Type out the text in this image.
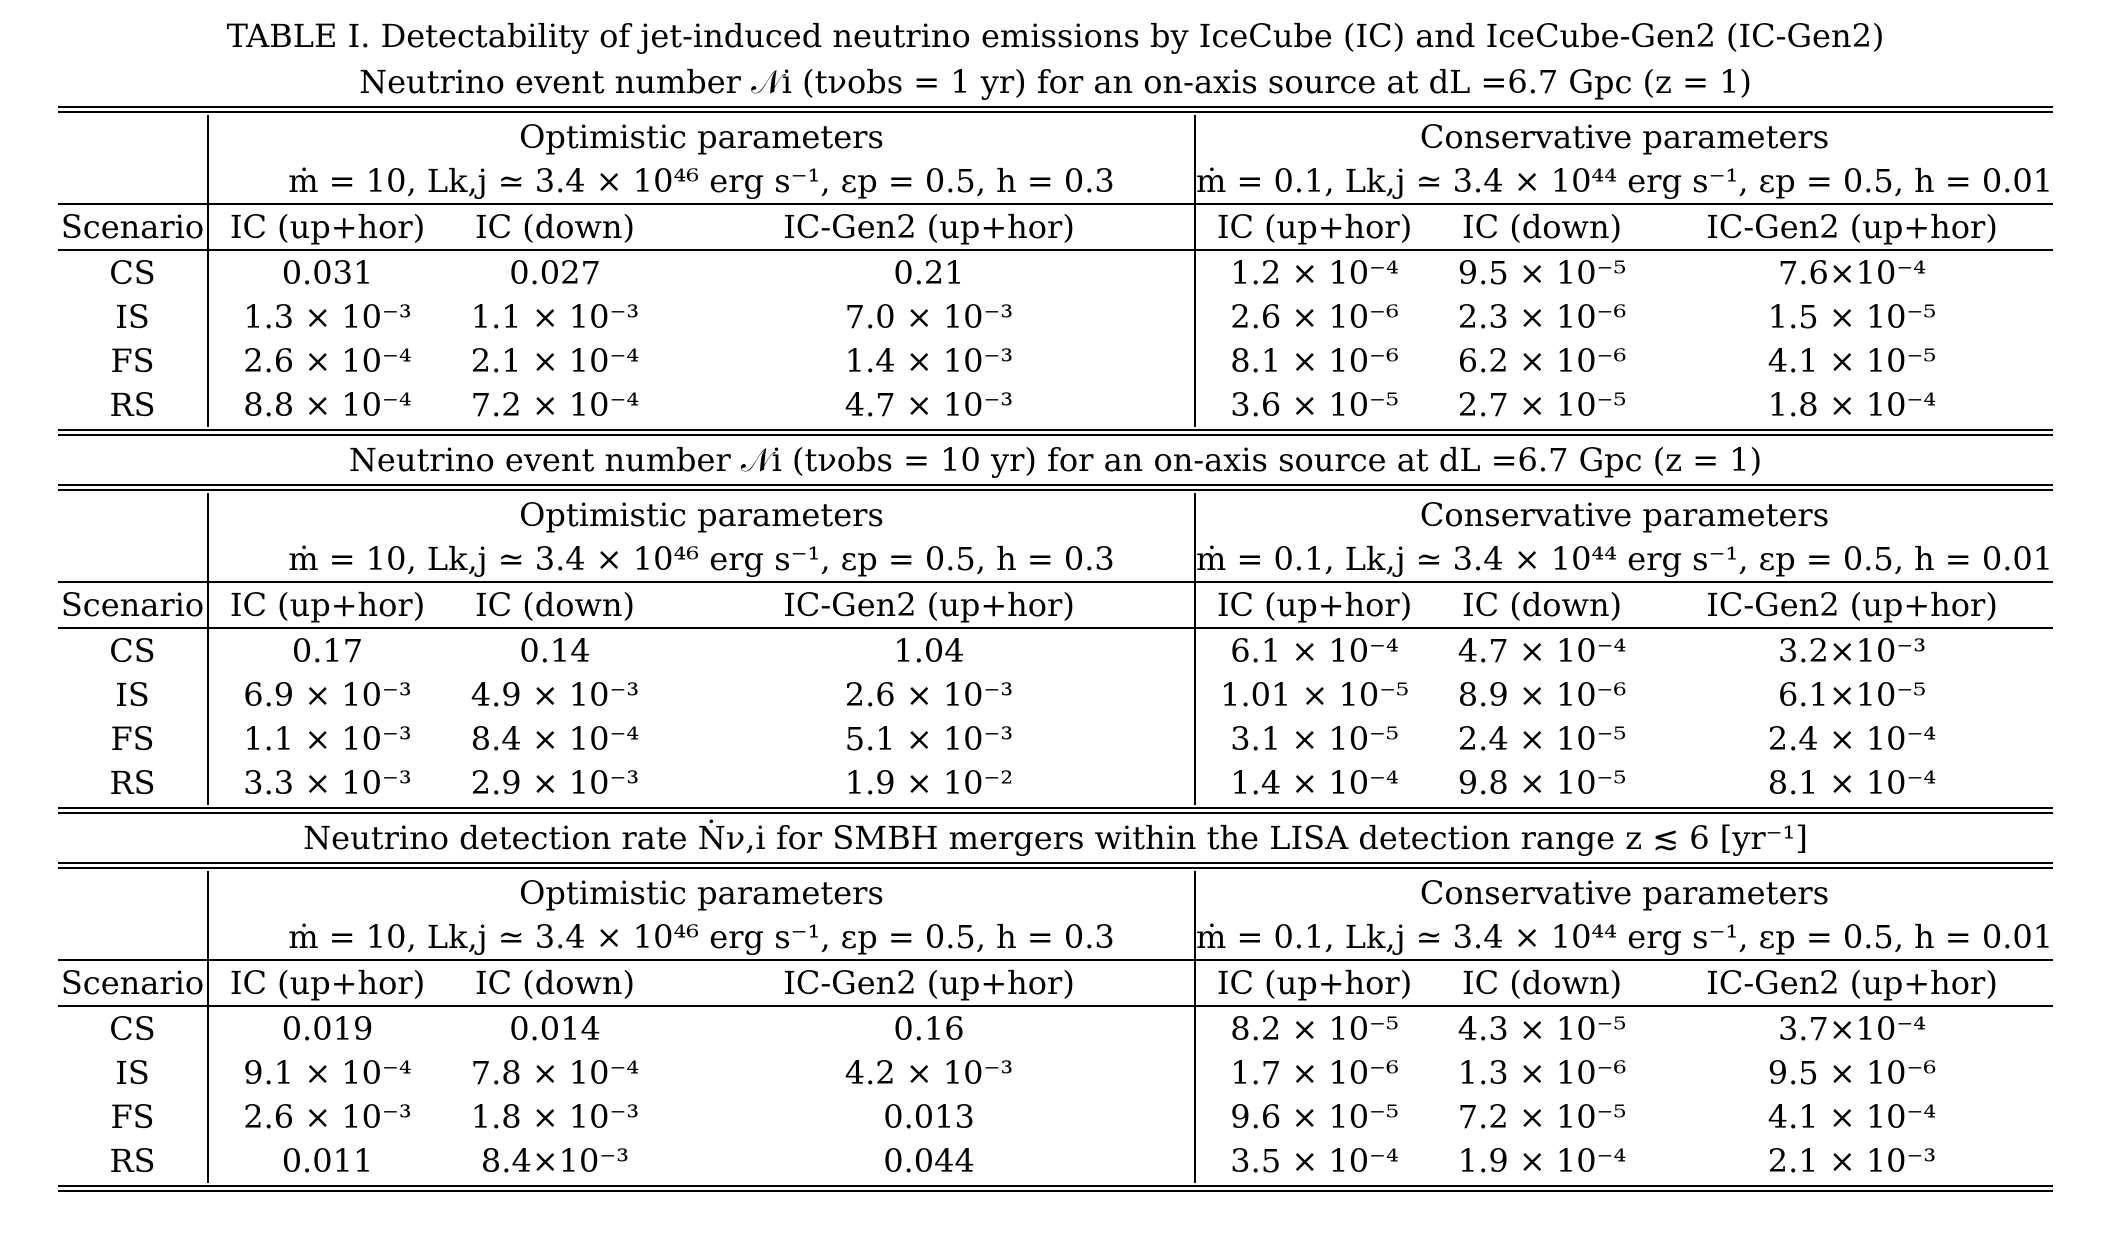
TABLE I. Detectability of jet-induced neutrino emissions by IceCube (IC) and IceCube-Gen2 (IC-Gen2)
Neutrino event number 𝒩i (tνobs = 1 yr) for an on-axis source at dL =6.7 Gpc (z = 1)
	Optimistic parameters			Conservative parameters		
	ṁ = 10, Lk,j ≃ 3.4 × 10⁴⁶ erg s⁻¹, εp = 0.5, h = 0.3			ṁ = 0.1, Lk,j ≃ 3.4 × 10⁴⁴ erg s⁻¹, εp = 0.5, h = 0.01		
Scenario	IC (up+hor)	IC (down)	IC-Gen2 (up+hor)	IC (up+hor)	IC (down)	IC-Gen2 (up+hor)
CS	0.031	0.027	0.21	1.2 × 10⁻⁴	9.5 × 10⁻⁵	7.6×10⁻⁴
IS	1.3 × 10⁻³	1.1 × 10⁻³	7.0 × 10⁻³	2.6 × 10⁻⁶	2.3 × 10⁻⁶	1.5 × 10⁻⁵
FS	2.6 × 10⁻⁴	2.1 × 10⁻⁴	1.4 × 10⁻³	8.1 × 10⁻⁶	6.2 × 10⁻⁶	4.1 × 10⁻⁵
RS	8.8 × 10⁻⁴	7.2 × 10⁻⁴	4.7 × 10⁻³	3.6 × 10⁻⁵	2.7 × 10⁻⁵	1.8 × 10⁻⁴
Neutrino event number 𝒩i (tνobs = 10 yr) for an on-axis source at dL =6.7 Gpc (z = 1)
	Optimistic parameters			Conservative parameters		
	ṁ = 10, Lk,j ≃ 3.4 × 10⁴⁶ erg s⁻¹, εp = 0.5, h = 0.3			ṁ = 0.1, Lk,j ≃ 3.4 × 10⁴⁴ erg s⁻¹, εp = 0.5, h = 0.01		
Scenario	IC (up+hor)	IC (down)	IC-Gen2 (up+hor)	IC (up+hor)	IC (down)	IC-Gen2 (up+hor)
CS	0.17	0.14	1.04	6.1 × 10⁻⁴	4.7 × 10⁻⁴	3.2×10⁻³
IS	6.9 × 10⁻³	4.9 × 10⁻³	2.6 × 10⁻³	1.01 × 10⁻⁵	8.9 × 10⁻⁶	6.1×10⁻⁵
FS	1.1 × 10⁻³	8.4 × 10⁻⁴	5.1 × 10⁻³	3.1 × 10⁻⁵	2.4 × 10⁻⁵	2.4 × 10⁻⁴
RS	3.3 × 10⁻³	2.9 × 10⁻³	1.9 × 10⁻²	1.4 × 10⁻⁴	9.8 × 10⁻⁵	8.1 × 10⁻⁴
Neutrino detection rate Ṅν,i for SMBH mergers within the LISA detection range z ≲ 6 [yr⁻¹]
	Optimistic parameters			Conservative parameters		
	ṁ = 10, Lk,j ≃ 3.4 × 10⁴⁶ erg s⁻¹, εp = 0.5, h = 0.3			ṁ = 0.1, Lk,j ≃ 3.4 × 10⁴⁴ erg s⁻¹, εp = 0.5, h = 0.01		
Scenario	IC (up+hor)	IC (down)	IC-Gen2 (up+hor)	IC (up+hor)	IC (down)	IC-Gen2 (up+hor)
CS	0.019	0.014	0.16	8.2 × 10⁻⁵	4.3 × 10⁻⁵	3.7×10⁻⁴
IS	9.1 × 10⁻⁴	7.8 × 10⁻⁴	4.2 × 10⁻³	1.7 × 10⁻⁶	1.3 × 10⁻⁶	9.5 × 10⁻⁶
FS	2.6 × 10⁻³	1.8 × 10⁻³	0.013	9.6 × 10⁻⁵	7.2 × 10⁻⁵	4.1 × 10⁻⁴
RS	0.011	8.4×10⁻³	0.044	3.5 × 10⁻⁴	1.9 × 10⁻⁴	2.1 × 10⁻³
